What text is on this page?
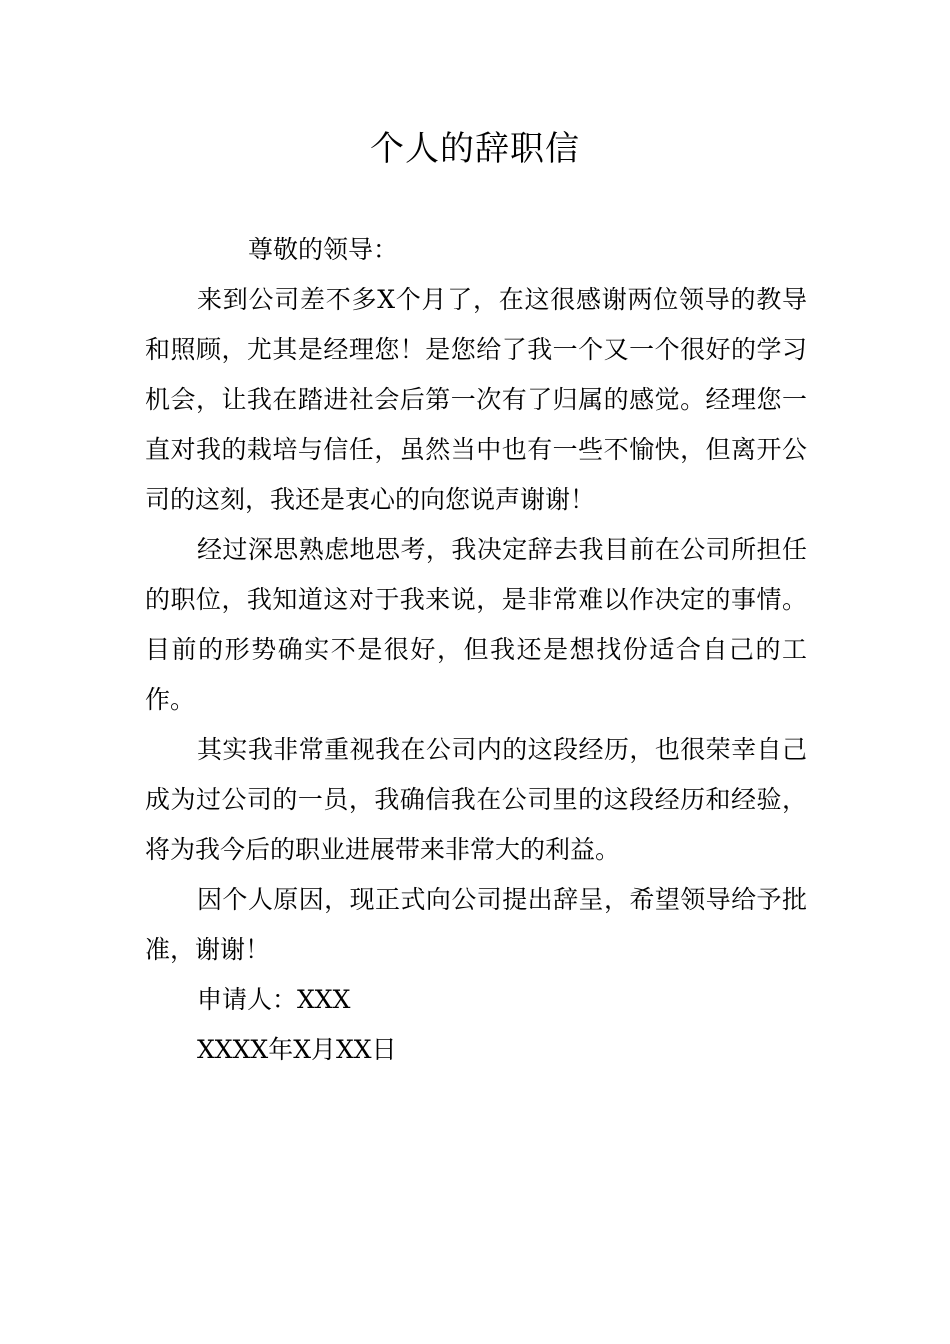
个人的辞职信

尊敬的领导：

来到公司差不多X个月了，在这很感谢两位领导的教导和照顾，尤其是经理您！是您给了我一个又一个很好的学习机会，让我在踏进社会后第一次有了归属的感觉。经理您一直对我的栽培与信任，虽然当中也有一些不愉快，但离开公司的这刻，我还是衷心的向您说声谢谢！

经过深思熟虑地思考，我决定辞去我目前在公司所担任的职位，我知道这对于我来说，是非常难以作决定的事情。目前的形势确实不是很好，但我还是想找份适合自己的工作。

其实我非常重视我在公司内的这段经历，也很荣幸自己成为过公司的一员，我确信我在公司里的这段经历和经验，将为我今后的职业进展带来非常大的利益。

因个人原因，现正式向公司提出辞呈，希望领导给予批准，谢谢！

申请人：XXX

XXXX年X月XX日
